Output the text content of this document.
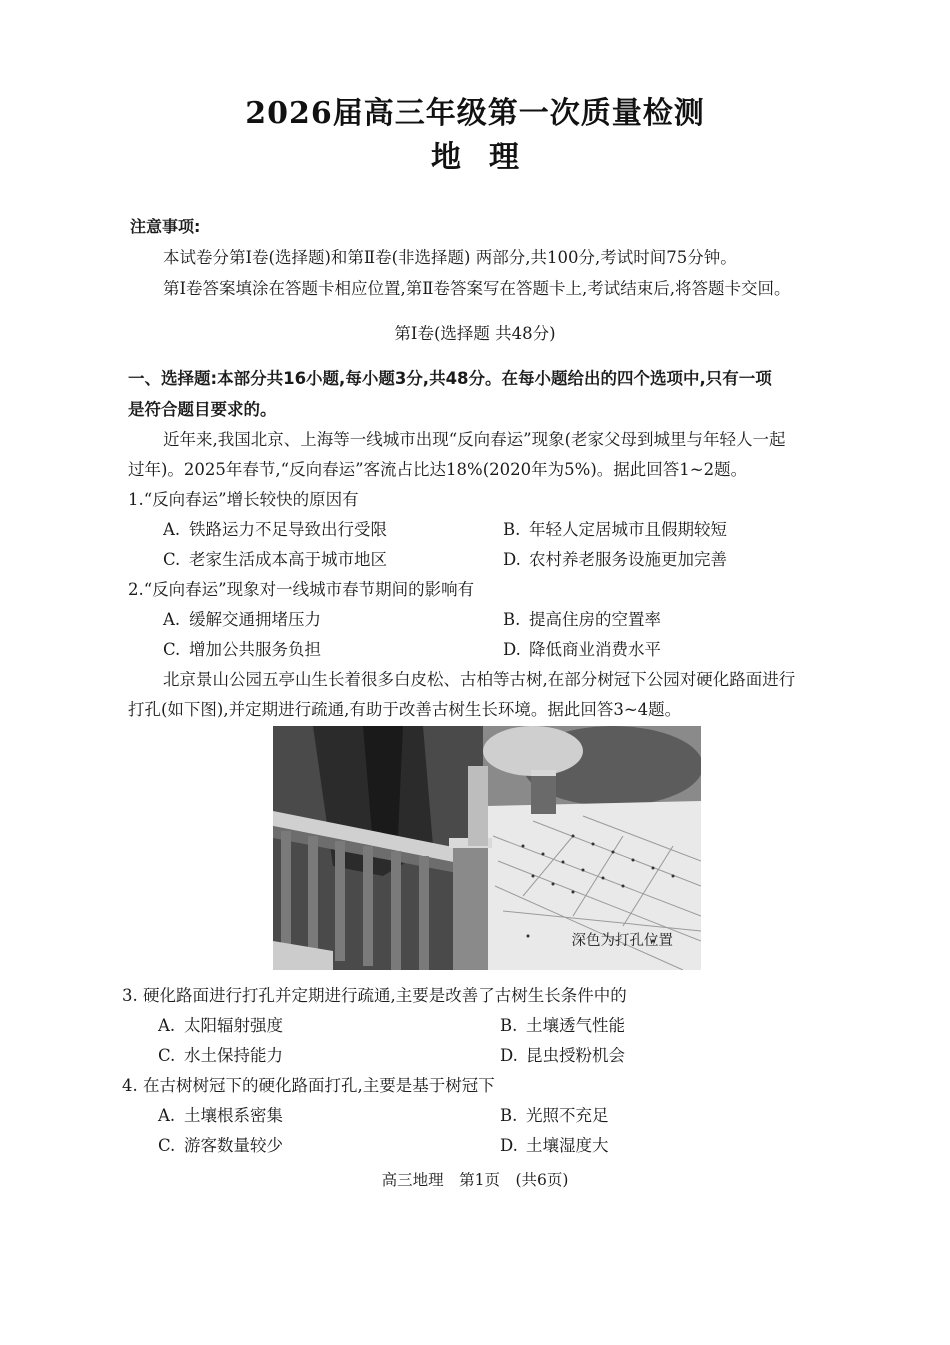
2026届高三年级第一次质量检测
地理
注意事项:
本试卷分第Ⅰ卷(选择题)和第Ⅱ卷(非选择题) 两部分,共100分,考试时间75分钟。
第Ⅰ卷答案填涂在答题卡相应位置,第Ⅱ卷答案写在答题卡上,考试结束后,将答题卡交回。
第Ⅰ卷(选择题 共48分)
一、选择题:本部分共16小题,每小题3分,共48分。在每小题给出的四个选项中,只有一项
是符合题目要求的。
近年来,我国北京、上海等一线城市出现“反向春运”现象(老家父母到城里与年轻人一起
过年)。2025年春节,“反向春运”客流占比达18%(2020年为5%)。据此回答1~2题。
1.“反向春运”增长较快的原因有
A. 铁路运力不足导致出行受限	B. 年轻人定居城市且假期较短
C. 老家生活成本高于城市地区	D. 农村养老服务设施更加完善
2.“反向春运”现象对一线城市春节期间的影响有
A. 缓解交通拥堵压力	B. 提高住房的空置率
C. 增加公共服务负担	D. 降低商业消费水平
北京景山公园五亭山生长着很多白皮松、古柏等古树,在部分树冠下公园对硬化路面进行
打孔(如下图),并定期进行疏通,有助于改善古树生长环境。据此回答3~4题。
深色为打孔位置
3. 硬化路面进行打孔并定期进行疏通,主要是改善了古树生长条件中的
A. 太阳辐射强度	B. 土壤透气性能
C. 水土保持能力	D. 昆虫授粉机会
4. 在古树树冠下的硬化路面打孔,主要是基于树冠下
A. 土壤根系密集	B. 光照不充足
C. 游客数量较少	D. 土壤湿度大
高三地理　第1页　(共6页)
